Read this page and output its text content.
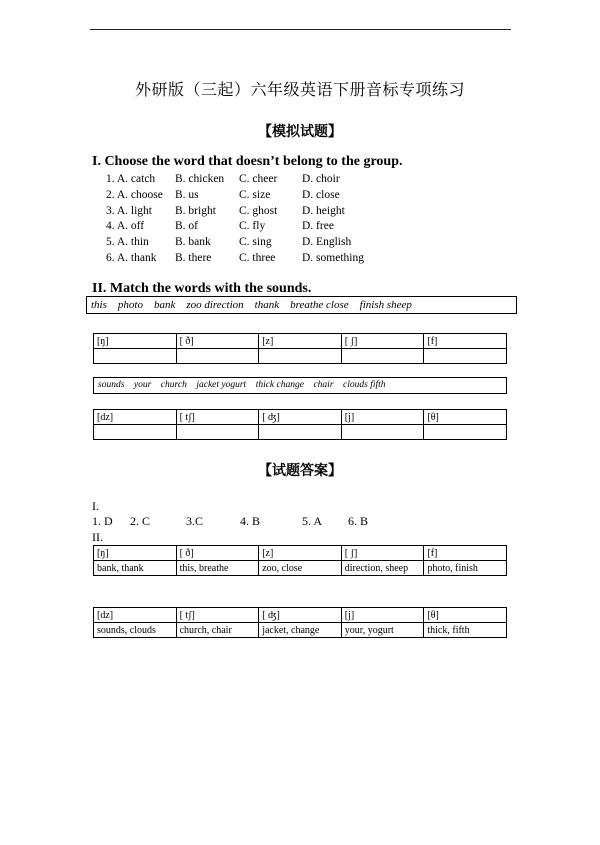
外研版（三起）六年级英语下册音标专项练习
【模拟试题】
I. Choose the word that doesn’t belong to the group.
1. A. catch B. chicken C. cheer D. choir
2. A. choose B. us	C. size	D. close
3. A. light B. bright C. ghost D. height
4. A. off	B. of	C. fly	D. free
5. A. thin B. bank C. sing	D. English
6. A. thank B. there C. three D. something
II. Match the words with the sounds.
this    photo    bank    zoo direction    thank    breathe close    finish sheep
[ŋ]	[ ð]	[z]	[ ʃ]	[f]

sounds    your    church    jacket yogurt    thick change    chair    clouds fifth
[dz]	[ tʃ]	[ ʤ]	[j]	[θ]

【试题答案】
I.
1. D 2. C	3.C	4. B	5. A 6. B
II.
[ŋ]	[ ð]	[z]	[ ʃ]	[f]
bank, thank	this, breathe	zoo, close	direction, sheep	photo, finish
[dz]	[ tʃ]	[ ʤ]	[j]	[θ]
sounds, clouds	church, chair	jacket, change	your, yogurt	thick, fifth
